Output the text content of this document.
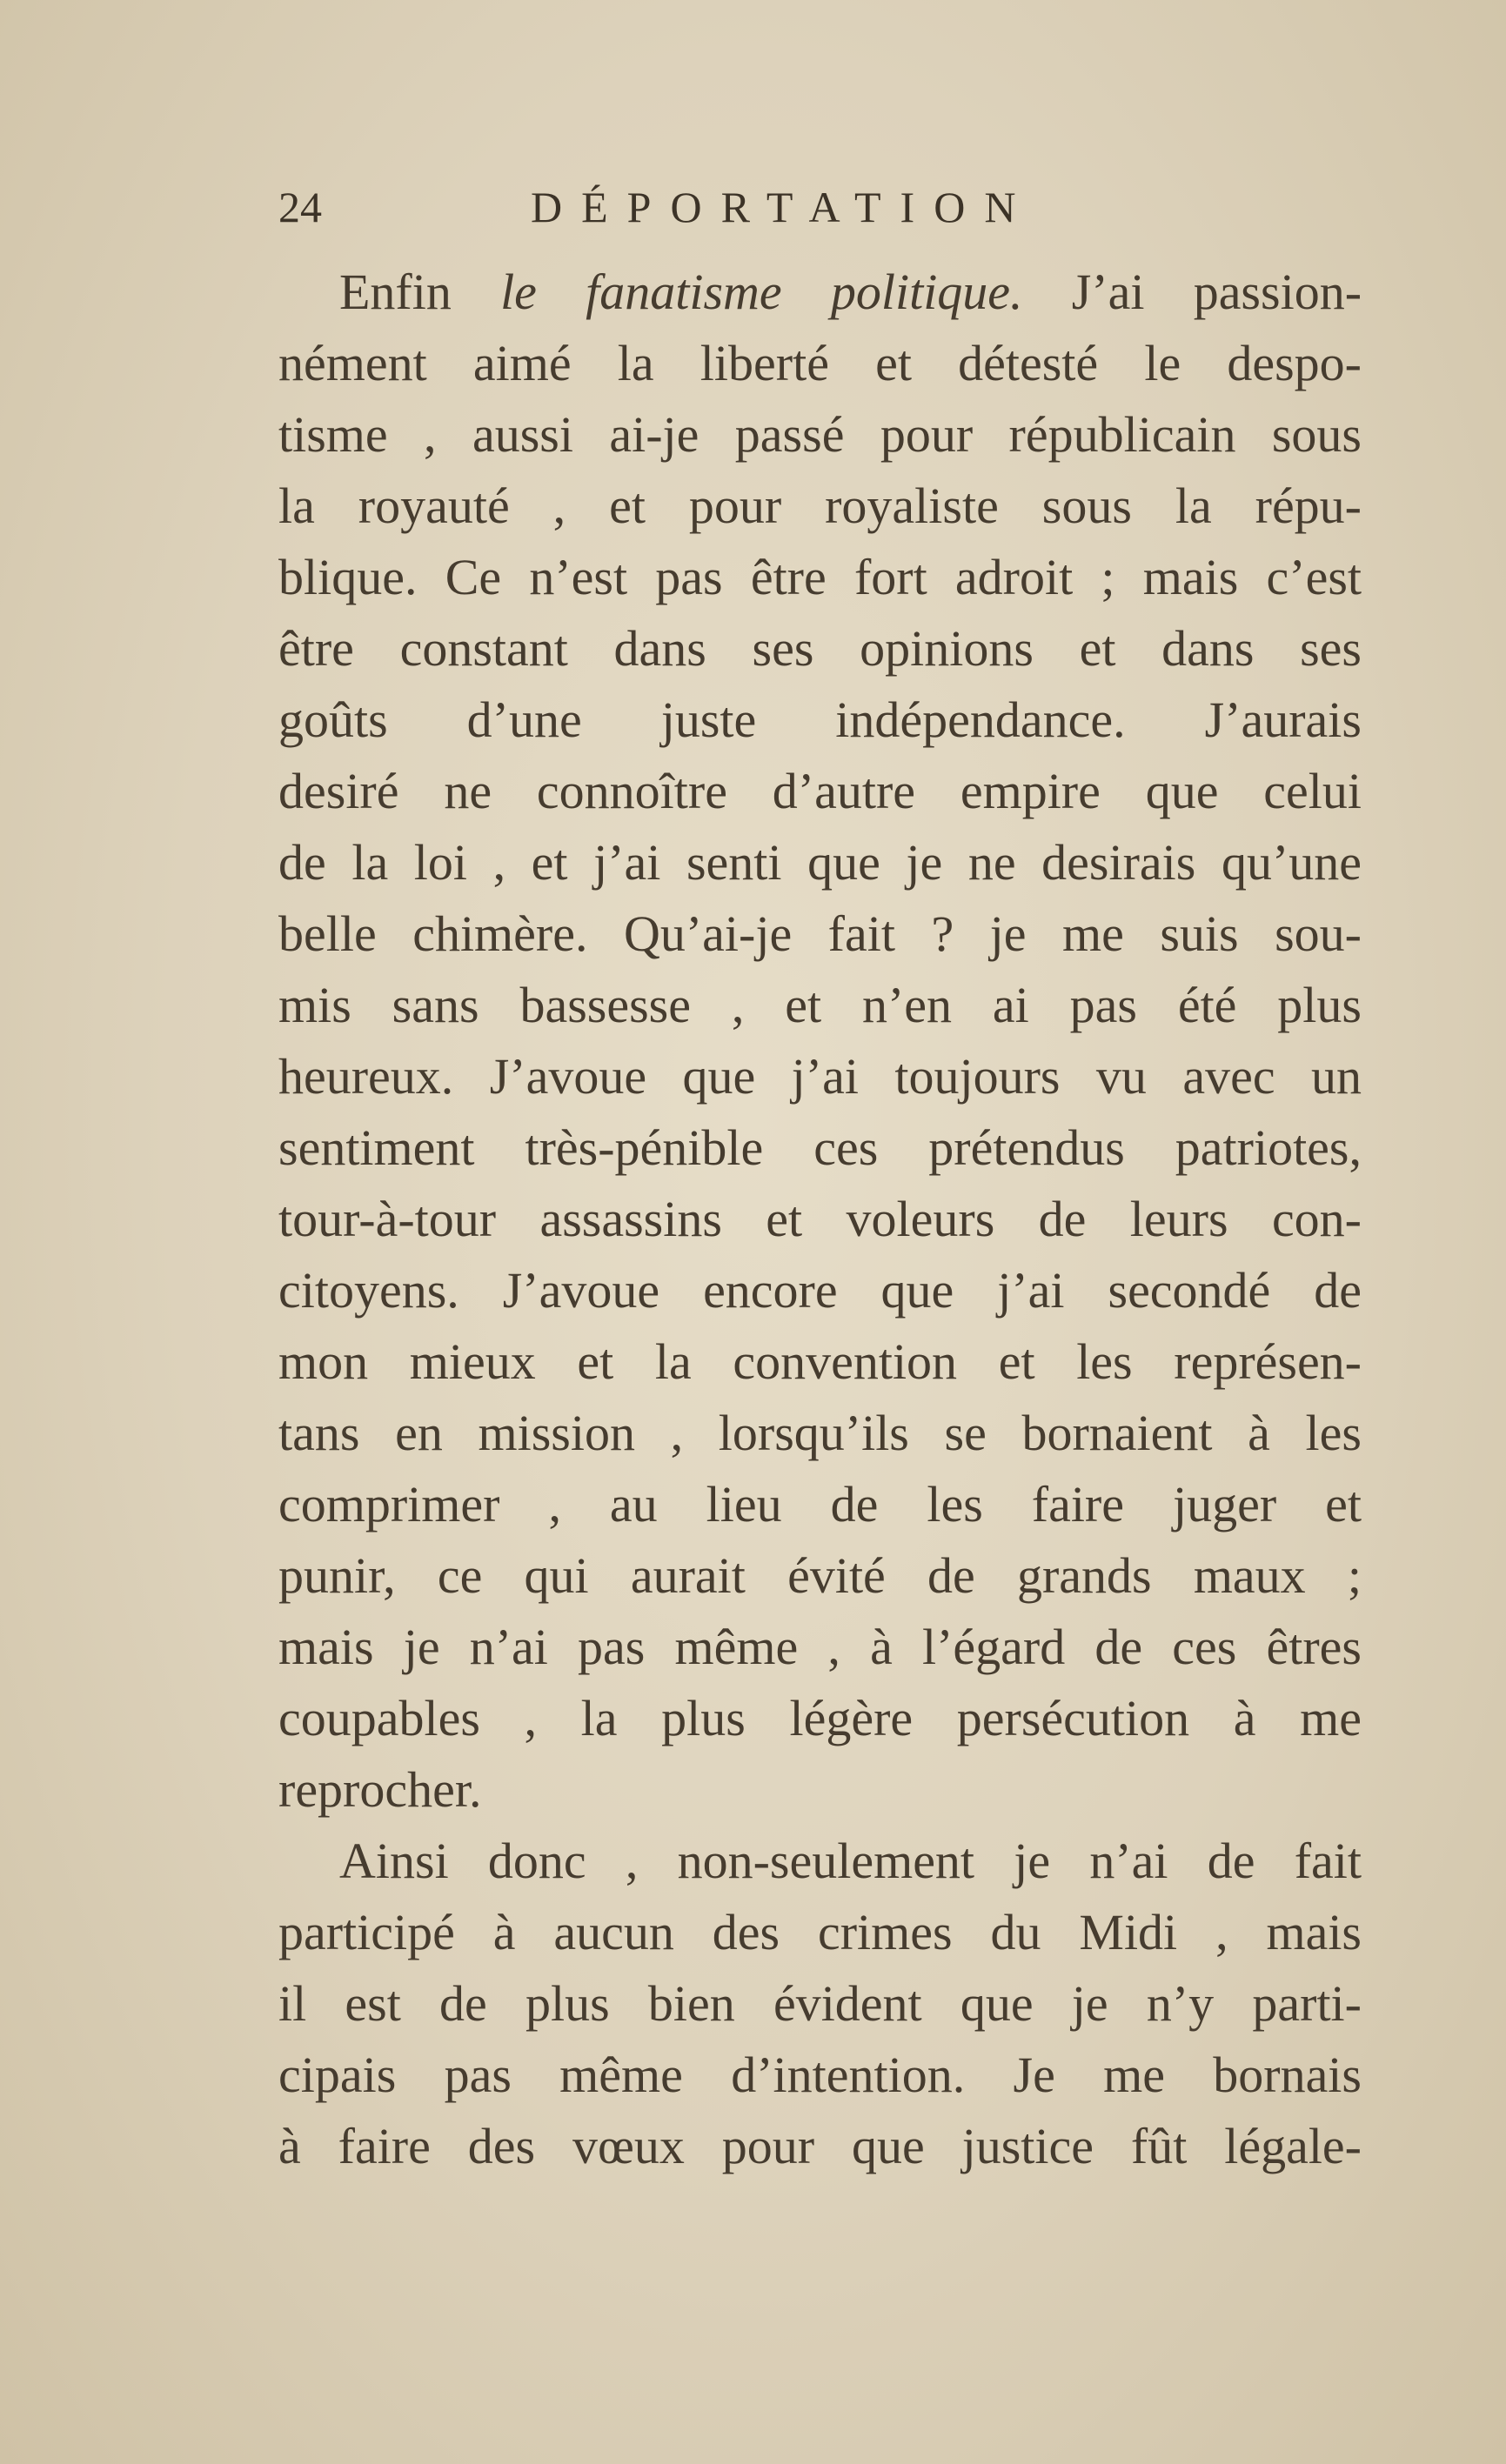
24	DÉPORTATION
Enfin le fanatisme politique. J’ai passion-
nément aimé la liberté et détesté le despo-
tisme , aussi ai-je passé pour républicain sous
la royauté , et pour royaliste sous la répu-
blique. Ce n’est pas être fort adroit ; mais c’est
être constant dans ses opinions et dans ses
goûts d’une juste indépendance. J’aurais
desiré ne connoître d’autre empire que celui
de la loi , et j’ai senti que je ne desirais qu’une
belle chimère. Qu’ai-je fait ? je me suis sou-
mis sans bassesse , et n’en ai pas été plus
heureux. J’avoue que j’ai toujours vu avec un
sentiment très-pénible ces prétendus patriotes,
tour-à-tour assassins et voleurs de leurs con-
citoyens. J’avoue encore que j’ai secondé de
mon mieux et la convention et les représen-
tans en mission , lorsqu’ils se bornaient à les
comprimer , au lieu de les faire juger et
punir, ce qui aurait évité de grands maux ;
mais je n’ai pas même , à l’égard de ces êtres
coupables , la plus légère persécution à me
reprocher.
Ainsi donc , non-seulement je n’ai de fait
participé à aucun des crimes du Midi , mais
il est de plus bien évident que je n’y parti-
cipais pas même d’intention. Je me bornais
à faire des vœux pour que justice fût légale-
